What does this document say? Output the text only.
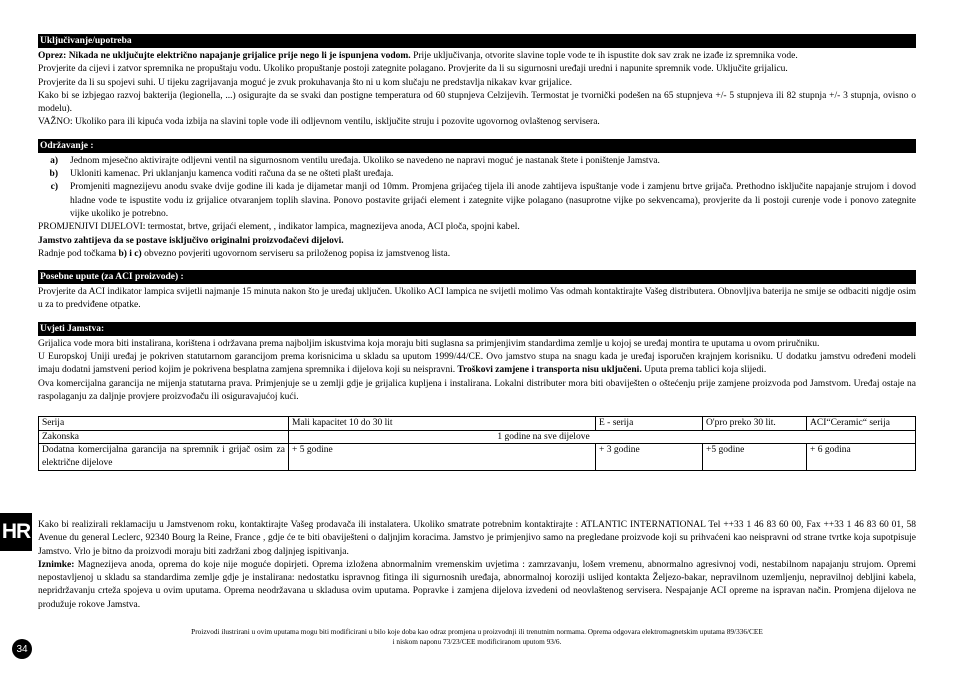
Uključivanje/upotreba

Oprez: Nikada ne uključujte električno napajanje grijalice prije nego li je ispunjena vodom. Prije uključivanja, otvorite slavine tople vode te ih ispustite dok sav zrak ne izađe iz spremnika vode.

Provjerite da cijevi i zatvor spremnika ne propuštaju vodu. Ukoliko propuštanje postoji zategnite polagano. Provjerite da li su sigurnosni uređaji uredni i napunite spremnik vode. Uključite grijalicu.

Provjerite da li su spojevi suhi. U tijeku zagrijavanja moguć je zvuk prokuhavanja što ni u kom slučaju ne predstavlja nikakav kvar grijalice.

Kako bi se izbjegao razvoj bakterija (legionella, ...) osigurajte da se svaki dan postigne temperatura od 60 stupnjeva Celzijevih. Termostat je tvornički podešen na 65 stupnjeva +/- 5 stupnjeva ili 82 stupnja +/- 3 stupnja, ovisno o modelu).

VAŽNO: Ukoliko para ili kipuća voda izbija na slavini tople vode ili odljevnom ventilu, isključite struju i pozovite ugovornog ovlaštenog servisera.

Održavanje :
a)	Jednom mjesečno aktivirajte odljevni ventil na sigurnosnom ventilu uređaja. Ukoliko se navedeno ne napravi moguć je nastanak štete i poništenje Jamstva.
b)	Ukloniti kamenac. Pri uklanjanju kamenca voditi računa da se ne ošteti plašt uređaja.
c)	Promjeniti magnezijevu anodu svake dvije godine ili kada je dijametar manji od 10mm. Promjena grijaćeg tijela ili anode zahtijeva ispuštanje vode i zamjenu brtve grijača. Prethodno isključite napajanje strujom i dovod hladne vode te ispustite vodu iz grijalice otvaranjem toplih slavina. Ponovo postavite grijaći element i zategnite vijke polagano (nasuprotne vijke po sekvencama), provjerite da li postoji curenje vode i ponovo zategnite vijke ukoliko je potrebno.

PROMJENJIVI DIJELOVI: termostat, brtve, grijaći element, , indikator lampica, magnezijeva anoda, ACI ploča, spojni kabel.

Jamstvo zahtijeva da se postave isključivo originalni proizvođačevi dijelovi.

Radnje pod točkama b) i c) obvezno povjeriti ugovornom serviseru sa priloženog popisa iz jamstvenog lista.

Posebne upute (za ACI proizvode) :

Provjerite da ACI indikator lampica svijetli najmanje 15 minuta nakon što je uređaj uključen. Ukoliko ACI lampica ne svijetli molimo Vas odmah kontaktirajte Vašeg distributera. Obnovljiva baterija ne smije se odbaciti nigdje osim u za to predviđene otpatke.

Uvjeti Jamstva:

Grijalica vode mora biti instalirana, korištena i održavana prema najboljim iskustvima koja moraju biti suglasna sa primjenjivim standardima zemlje u kojoj se uređaj montira te uputama u ovom priručniku.

U Europskoj Uniji uređaj je pokriven statutarnom garancijom prema korisnicima u skladu sa uputom 1999/44/CE. Ovo jamstvo stupa na snagu kada je uređaj isporučen krajnjem korisniku. U dodatku jamstvu određeni modeli imaju dodatni jamstveni period kojim je pokrivena besplatna zamjena spremnika i dijelova koji su neispravni. Troškovi zamjene i transporta nisu uključeni. Uputa prema tablici koja slijedi.

Ova komercijalna garancija ne mijenja statutarna prava. Primjenjuje se u zemlji gdje je grijalica kupljena i instalirana. Lokalni distributer mora biti obaviješten o oštećenju prije zamjene proizvoda pod Jamstvom. Uređaj ostaje na raspolaganju za daljnje provjere proizvođaču ili osiguravajućoj kući.

Serija	Mali kapacitet 10 do 30 lit	E - serija	O'pro preko 30 lit.	ACI“Ceramic“ serija
Zakonska	1 godine na sve dijelove			
Dodatna komercijalna garancija na spremnik i grijač osim za električne dijelove	+ 5 godine	+ 3 godine	+5 godine	+ 6 godina

Kako bi realizirali reklamaciju u Jamstvenom roku, kontaktirajte Vašeg prodavača ili instalatera. Ukoliko smatrate potrebnim kontaktirajte : ATLANTIC INTERNATIONAL Tel ++33 1 46 83 60 00, Fax ++33 1 46 83 60 01, 58 Avenue du general Leclerc, 92340 Bourg la Reine, France , gdje će te biti obaviješteni o daljnjim koracima. Jamstvo je primjenjivo samo na pregledane proizvode koji su prihvaćeni kao neispravni od strane tvrtke koja supotpisuje Jamstvo. Vrlo je bitno da proizvodi moraju biti zadržani zbog daljnjeg ispitivanja.

Iznimke: Magnezijeva anoda, oprema do koje nije moguće dopirjeti. Oprema izložena abnormalnim vremenskim uvjetima : zamrzavanju, lošem vremenu, abnormalno agresivnoj vodi, nestabilnom napajanju strujom. Opremi nepostavljenoj u skladu sa standardima zemlje gdje je instalirana: nedostatku ispravnog fitinga ili sigurnosnih uređaja, abnormalnoj koroziji uslijed kontakta Željezo-bakar, nepravilnom uzemljenju, nepravilnoj debljini kabela, nepridržavanju crteža spojeva u ovim uputama. Oprema neodržavana u skladusa ovim uputama. Popravke i zamjena dijelova izvedeni od neovlaštenog servisera. Nespajanje ACI opreme na ispravan način. Promjena dijelova ne produžuje rokove Jamstva.

HR
Proizvodi ilustrirani u ovim uputama mogu biti modificirani u bilo koje doba kao odraz promjena u proizvodnji ili trenutnim normama. Oprema odgovara elektromagnetskim uputama 89/336/CEE
i niskom naponu 73/23/CEE modificiranom uputom 93/6.
34
